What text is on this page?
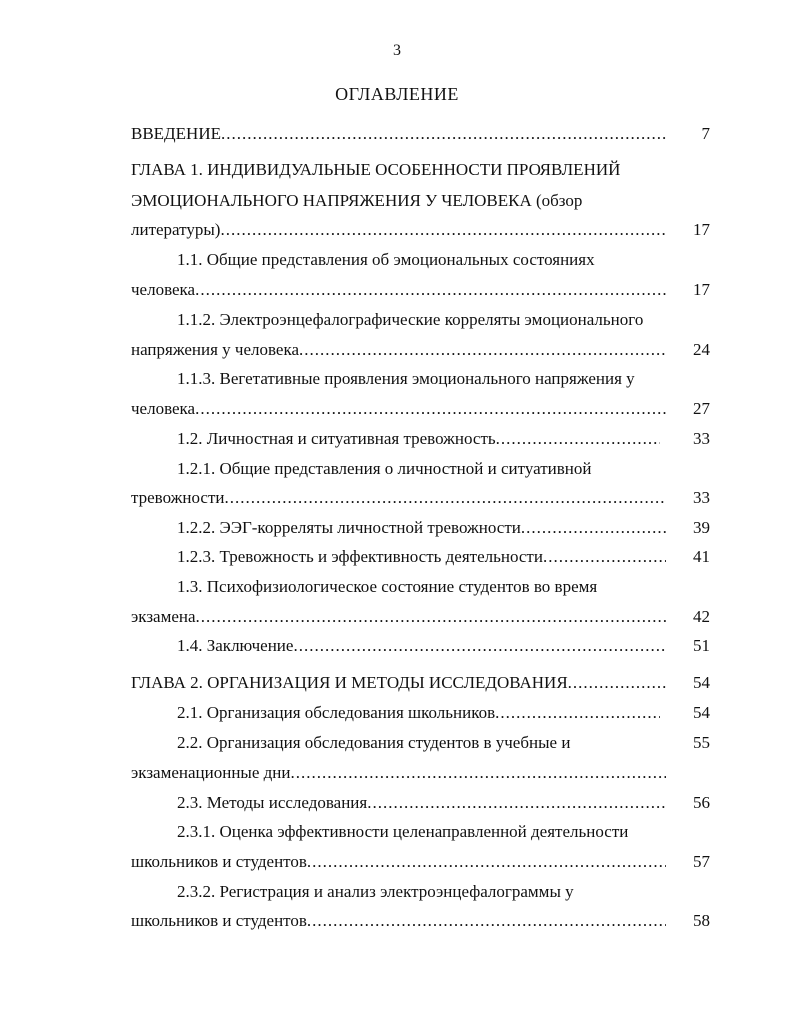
3
ОГЛАВЛЕНИЕ
ВВЕДЕНИЕ .....	7
ГЛАВА 1. ИНДИВИДУАЛЬНЫЕ ОСОБЕННОСТИ ПРОЯВЛЕНИЙ
ЭМОЦИОНАЛЬНОГО НАПРЯЖЕНИЯ У ЧЕЛОВЕКА (обзор
литературы) .....	17
1.1. Общие представления об эмоциональных состояниях
человека .....	17
1.1.2. Электроэнцефалографические корреляты эмоционального
напряжения у человека .....	24
1.1.3. Вегетативные проявления эмоционального напряжения у
человека .....	27
1.2. Личностная и ситуативная тревожность .....	33
1.2.1. Общие представления о личностной и ситуативной
тревожности .....	33
1.2.2. ЭЭГ-корреляты личностной тревожности .....	39
1.2.3. Тревожность и эффективность деятельности .....	41
1.3. Психофизиологическое состояние студентов во время
экзамена .....	42
1.4. Заключение .....	51
ГЛАВА 2. ОРГАНИЗАЦИЯ И МЕТОДЫ ИССЛЕДОВАНИЯ .....	54
2.1. Организация обследования школьников .....	54
2.2. Организация обследования студентов в учебные и	55
экзаменационные дни
.....
2.3. Методы исследования .....	56
2.3.1. Оценка эффективности целенаправленной деятельности
школьников и студентов .....	57
2.3.2. Регистрация и анализ электроэнцефалограммы у
школьников и студентов .....	58
